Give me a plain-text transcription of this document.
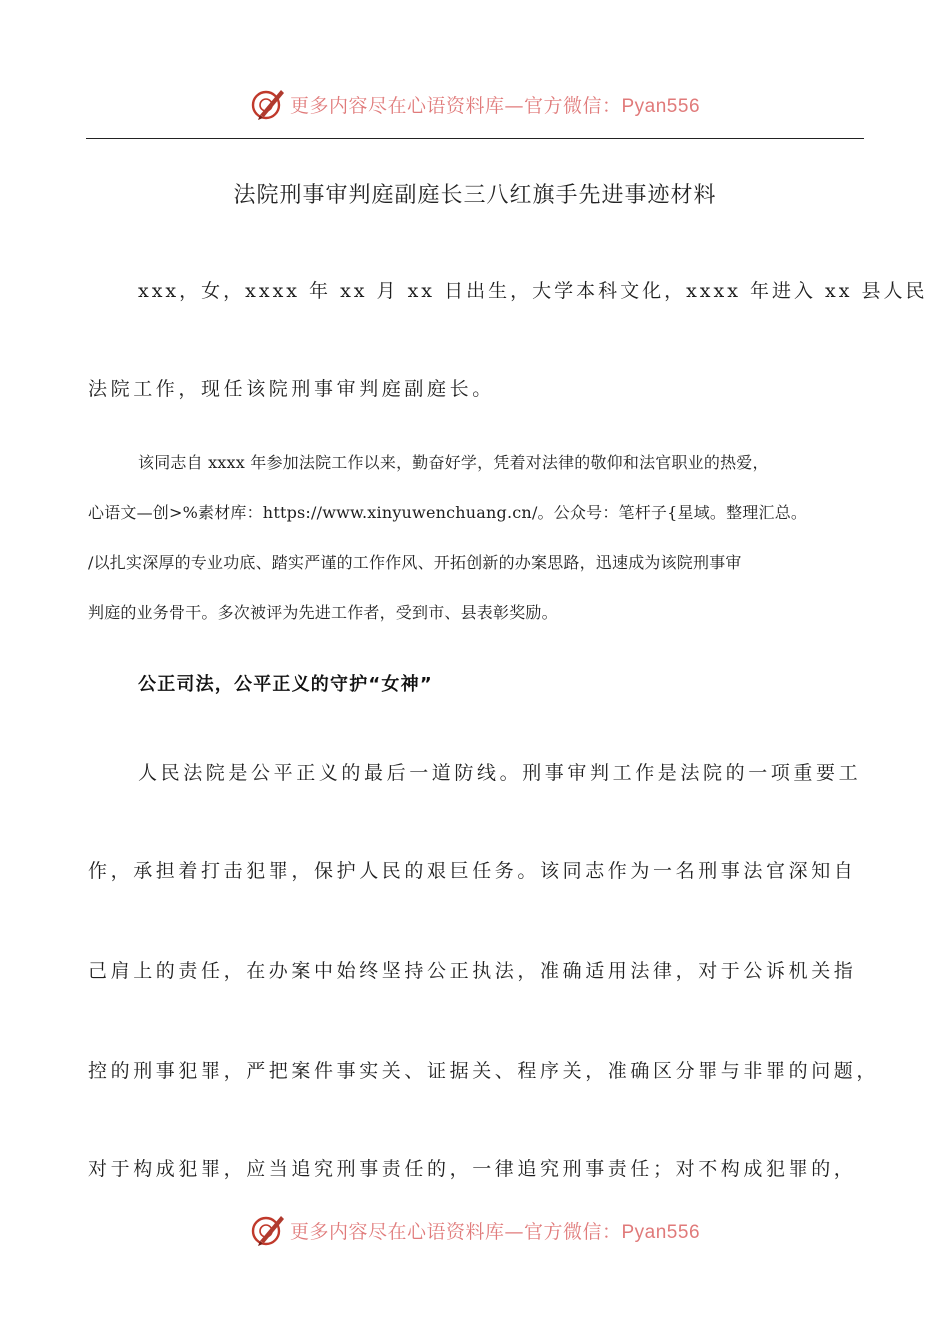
更多内容尽在心语资料库—官方微信：Pyan556
法院刑事审判庭副庭长三八红旗手先进事迹材料
xxx，女，xxxx 年 xx 月 xx 日出生，大学本科文化，xxxx 年进入 xx 县人民
法院工作，现任该院刑事审判庭副庭长。
该同志自 xxxx 年参加法院工作以来，勤奋好学，凭着对法律的敬仰和法官职业的热爱，
心语文—创>%素材库：https://www.xinyuwenchuang.cn/。公众号：笔杆子{星域。整理汇总。
/以扎实深厚的专业功底、踏实严谨的工作作风、开拓创新的办案思路，迅速成为该院刑事审
判庭的业务骨干。多次被评为先进工作者，受到市、县表彰奖励。
公正司法，公平正义的守护“女神”
人民法院是公平正义的最后一道防线。刑事审判工作是法院的一项重要工
作，承担着打击犯罪，保护人民的艰巨任务。该同志作为一名刑事法官深知自
己肩上的责任，在办案中始终坚持公正执法，准确适用法律，对于公诉机关指
控的刑事犯罪，严把案件事实关、证据关、程序关，准确区分罪与非罪的问题，
对于构成犯罪，应当追究刑事责任的，一律追究刑事责任；对不构成犯罪的，
更多内容尽在心语资料库—官方微信：Pyan556
